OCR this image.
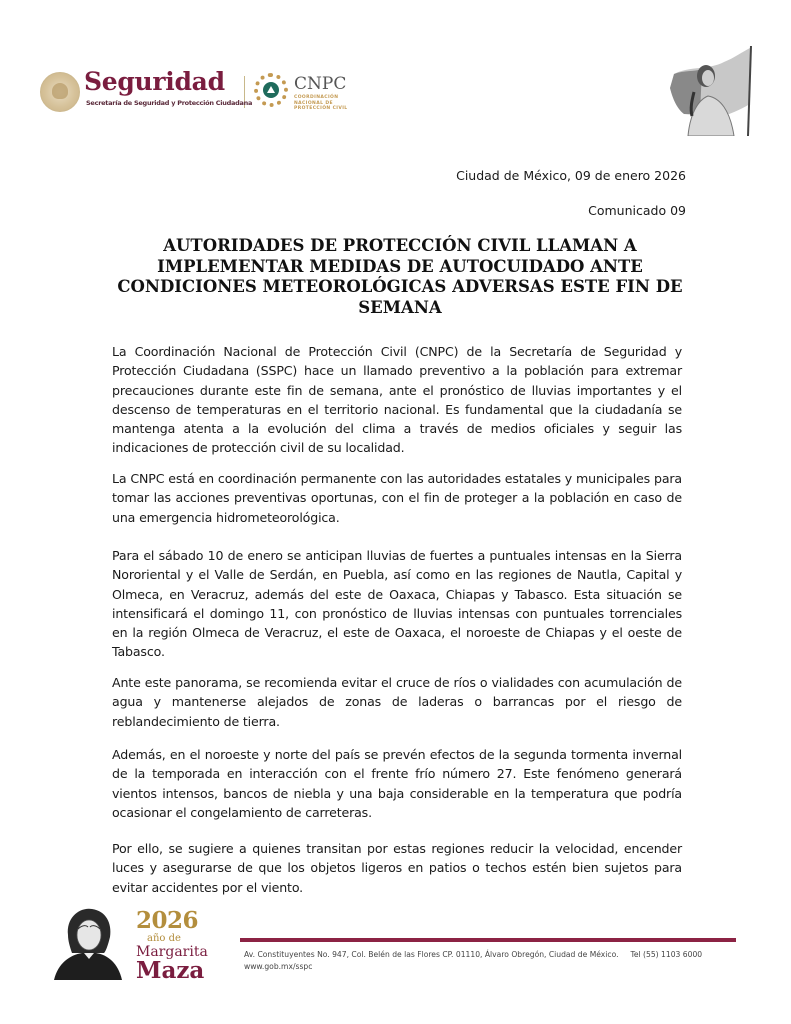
Seguridad
Secretaría de Seguridad y Protección Ciudadana
CNPC
COORDINACIÓN NACIONAL DE PROTECCIÓN CIVIL
Ciudad de México, 09 de enero 2026
Comunicado 09
AUTORIDADES DE PROTECCIÓN CIVIL LLAMAN A IMPLEMENTAR MEDIDAS DE AUTOCUIDADO ANTE CONDICIONES METEOROLÓGICAS ADVERSAS ESTE FIN DE SEMANA
La Coordinación Nacional de Protección Civil (CNPC) de la Secretaría de Seguridad y Protección Ciudadana (SSPC) hace un llamado preventivo a la población para extremar precauciones durante este fin de semana, ante el pronóstico de lluvias importantes y el descenso de temperaturas en el territorio nacional. Es fundamental que la ciudadanía se mantenga atenta a la evolución del clima a través de medios oficiales y seguir las indicaciones de protección civil de su localidad.
La CNPC está en coordinación permanente con las autoridades estatales y municipales para tomar las acciones preventivas oportunas, con el fin de proteger a la población en caso de una emergencia hidrometeorológica.
Para el sábado 10 de enero se anticipan lluvias de fuertes a puntuales intensas en la Sierra Nororiental y el Valle de Serdán, en Puebla, así como en las regiones de Nautla, Capital y Olmeca, en Veracruz, además del este de Oaxaca, Chiapas y Tabasco. Esta situación se intensificará el domingo 11, con pronóstico de lluvias intensas con puntuales torrenciales en la región Olmeca de Veracruz, el este de Oaxaca, el noroeste de Chiapas y el oeste de Tabasco.
Ante este panorama, se recomienda evitar el cruce de ríos o vialidades con acumulación de agua y mantenerse alejados de zonas de laderas o barrancas por el riesgo de reblandecimiento de tierra.
Además, en el noroeste y norte del país se prevén efectos de la segunda tormenta invernal de la temporada en interacción con el frente frío número 27. Este fenómeno generará vientos intensos, bancos de niebla y una baja considerable en la temperatura que podría ocasionar el congelamiento de carreteras.
Por ello, se sugiere a quienes transitan por estas regiones reducir la velocidad, encender luces y asegurarse de que los objetos ligeros en patios o techos estén bien sujetos para evitar accidentes por el viento.
2026
año de
Margarita
Maza
Av. Constituyentes No. 947, Col. Belén de las Flores CP. 01110, Álvaro Obregón, Ciudad de México. Tel (55) 1103 6000
www.gob.mx/sspc
